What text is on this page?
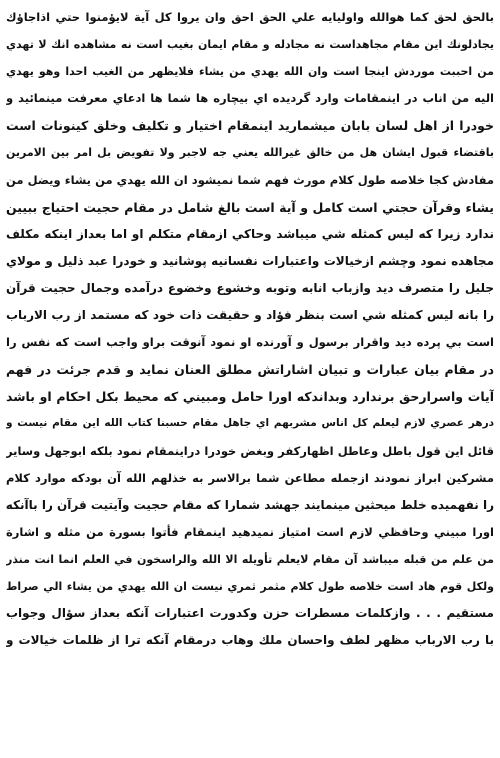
بالحق لحق كما هوالله واوليايه علي الحق احق وان يروا كل آية لايؤمنوا حتي اذاجاؤك
يجادلونك اين مقام مجاهداست نه مجادله و مقام ايمان بغيب است نه مشاهده انك لا تهدي
من احببت موردش اينجا است وان الله يهدي من يشاء فلايظهر من الغيب احدا وهو يهدي
اليه من اناب در اينمقامات وارد گرديده اي بيچاره ها شما ها ادعاي معرفت مينمائيد و
خودرا از اهل لسان بابان ميشماريد اينمقام اختيار و تكليف وخلق كينونات است
باقتضاء قبول ايشان هل من خالق غيرالله يعني جه لاجبر ولا تفويض بل امر بين الامرين
مفادش كجا خلاصه طول كلام مورث فهم شما نميشود ان الله يهدي من يشاء ويضل من
يشاء وقرآن حجتي است كامل و آية است بالغ شامل در مقام حجيت احتياج ببيين
ندارد زيرا كه ليس كمثله شي ميباشد وحاكي ازمقام متكلم او اما بعداز اينكه مكلف
مجاهده نمود وچشم ازخيالات واعتبارات نفسانيه پوشانيد و خودرا عبد ذليل و مولاي
جليل را متصرف ديد وازباب انابه وتوبه وخشوع وخضوع درآمده وجمال حجيت قرآن
را بانه ليس كمثله شي است بنظر فؤاد و حقيقت ذات خود كه مستمد از رب الارباب
است بي پرده ديد واقرار برسول و آورنده او نمود آنوقت براو واجب است كه نفس را
در مقام بيان عبارات و تبيان اشاراتش مطلق العنان نمايد و قدم جرئت در فهم
آيات واسرارحق برندارد وبداندكه اورا حامل ومبيني كه محيط بكل احكام او باشد
درهر عصري لازم ليعلم كل اناس مشربهم اي جاهل مقام حسبنا كتاب الله اين مقام نيست و
قائل اين قول باطل وعاطل اظهاركفر وبغض خودرا دراينمقام نمود بلكه ابوجهل وساير
مشركين ابراز نمودند ازجمله مطاعن شما برالاسر به خذلهم الله آن بودكه موارد كلام
را نفهميده خلط ميحثين مينمايند جهشد شمارا كه مقام حجيت وآيتيت قرآن را باآنكه
اورا مبيني وحافظي لازم است امتياز نميدهيد اينمقام فأتوا بسورة من مثله و اشارة
من علم من قبله ميباشد آن مقام لايعلم تأويله الا الله والراسخون في العلم انما انت منذر
ولكل قوم هاد است خلاصه طول كلام مثمر ثمري نيست ان الله يهدي من يشاء الي صراط
مستقيم . . . وازكلمات مسطرات حزن وكدورت اعتبارات آنكه بعداز سؤال وجواب
با رب الارباب مظهر لطف واحسان ملك وهاب درمقام آنكه ترا از ظلمات خيالات و
